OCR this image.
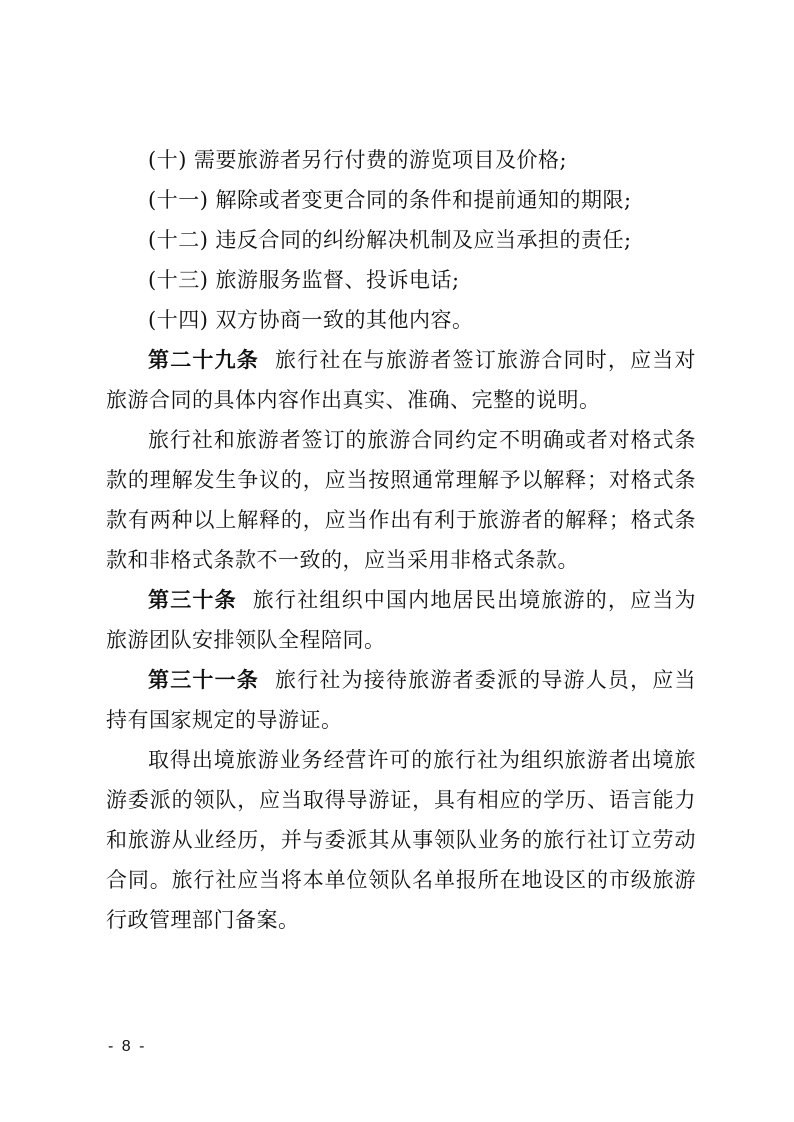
(十) 需要旅游者另行付费的游览项目及价格;

(十一) 解除或者变更合同的条件和提前通知的期限;

(十二) 违反合同的纠纷解决机制及应当承担的责任;

(十三) 旅游服务监督、投诉电话;

(十四) 双方协商一致的其他内容。

第二十九条 旅行社在与旅游者签订旅游合同时，应当对旅游合同的具体内容作出真实、准确、完整的说明。

旅行社和旅游者签订的旅游合同约定不明确或者对格式条款的理解发生争议的，应当按照通常理解予以解释；对格式条款有两种以上解释的，应当作出有利于旅游者的解释；格式条款和非格式条款不一致的，应当采用非格式条款。

第三十条 旅行社组织中国内地居民出境旅游的，应当为旅游团队安排领队全程陪同。

第三十一条 旅行社为接待旅游者委派的导游人员，应当持有国家规定的导游证。

取得出境旅游业务经营许可的旅行社为组织旅游者出境旅游委派的领队，应当取得导游证，具有相应的学历、语言能力和旅游从业经历，并与委派其从事领队业务的旅行社订立劳动合同。旅行社应当将本单位领队名单报所在地设区的市级旅游行政管理部门备案。

- 8 -
